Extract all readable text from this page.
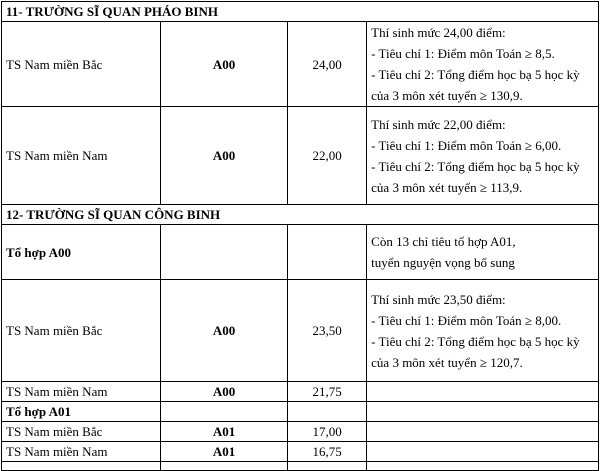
11- TRƯỜNG SĨ QUAN PHÁO BINH			
TS Nam miền Bắc	A00	24,00	Thí sinh mức 24,00 điểm:
- Tiêu chí 1: Điểm môn Toán ≥ 8,5.
- Tiêu chí 2: Tổng điểm học bạ 5 học kỳ
của 3 môn xét tuyển ≥ 130,9.

TS Nam miền Nam	A00	22,00	Thí sinh mức 22,00 điểm:
- Tiêu chí 1: Điểm môn Toán ≥ 6,00.
- Tiêu chí 2: Tổng điểm học bạ 5 học kỳ
của 3 môn xét tuyển ≥ 113,9.

12- TRƯỜNG SĨ QUAN CÔNG BINH			
Tổ hợp A00			Còn 13 chỉ tiêu tổ hợp A01,
tuyển nguyện vọng bổ sung

TS Nam miền Bắc	A00	23,50	Thí sinh mức 23,50 điểm:
- Tiêu chí 1: Điểm môn Toán ≥ 8,00.
- Tiêu chí 2: Tổng điểm học bạ 5 học kỳ
của 3 môn xét tuyển ≥ 120,7.

TS Nam miền Nam	A00	21,75	
Tổ hợp A01			
TS Nam miền Bắc	A01	17,00	
TS Nam miền Nam	A01	16,75	
